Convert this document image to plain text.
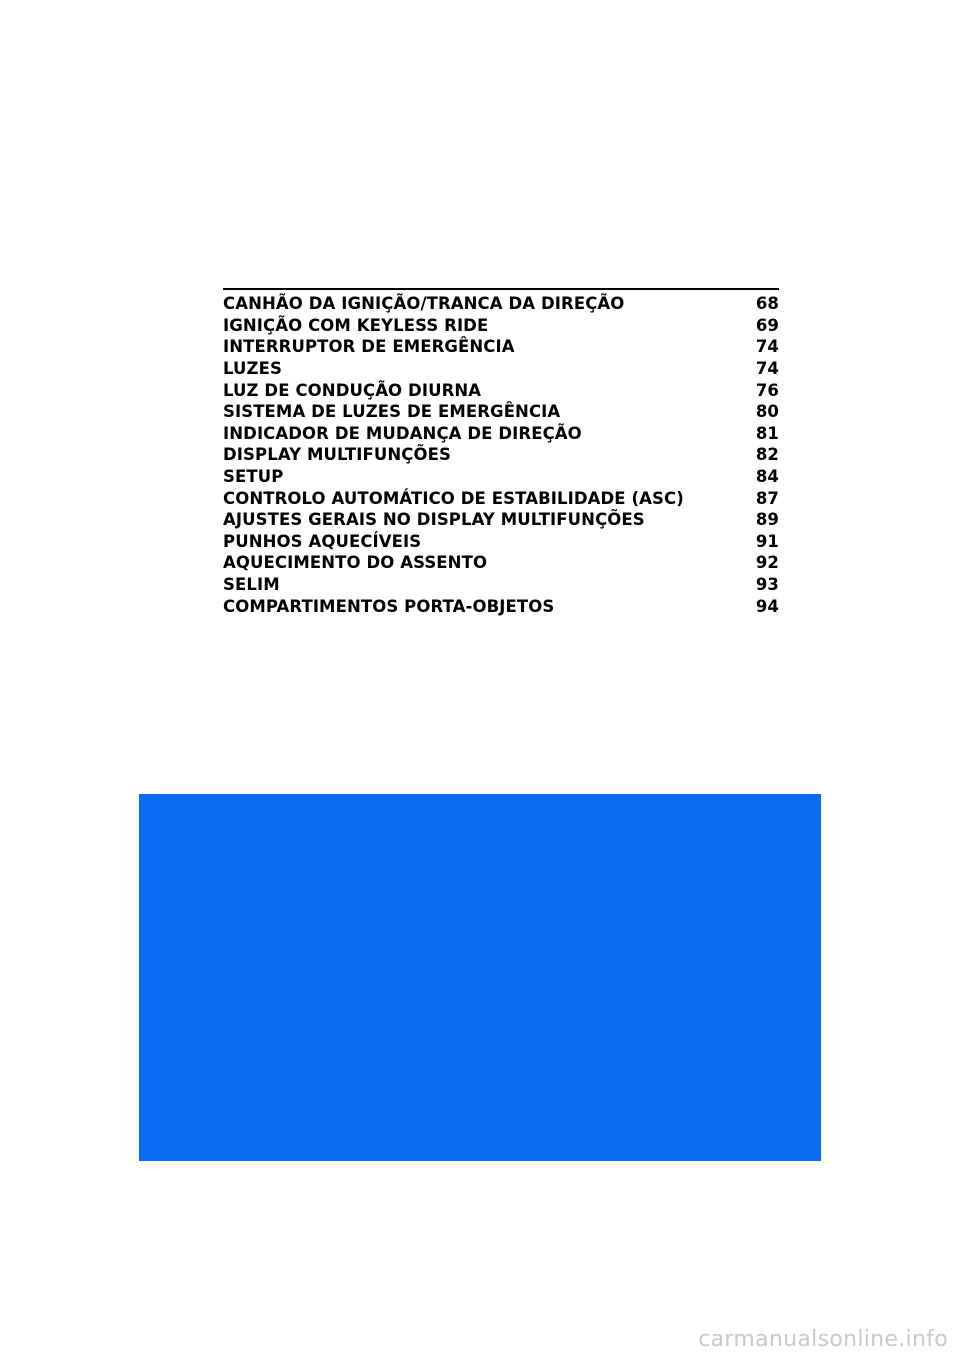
CANHÃO DA IGNIÇÃO/TRANCA DA DIREÇÃO	68
IGNIÇÃO COM KEYLESS RIDE	69
INTERRUPTOR DE EMERGÊNCIA	74
LUZES	74
LUZ DE CONDUÇÃO DIURNA	76
SISTEMA DE LUZES DE EMERGÊNCIA	80
INDICADOR DE MUDANÇA DE DIREÇÃO	81
DISPLAY MULTIFUNÇÕES	82
SETUP	84
CONTROLO AUTOMÁTICO DE ESTABILIDADE (ASC)	87
AJUSTES GERAIS NO DISPLAY MULTIFUNÇÕES	89
PUNHOS AQUECÍVEIS	91
AQUECIMENTO DO ASSENTO	92
SELIM	93
COMPARTIMENTOS PORTA-OBJETOS	94
carmanualsonline.info
